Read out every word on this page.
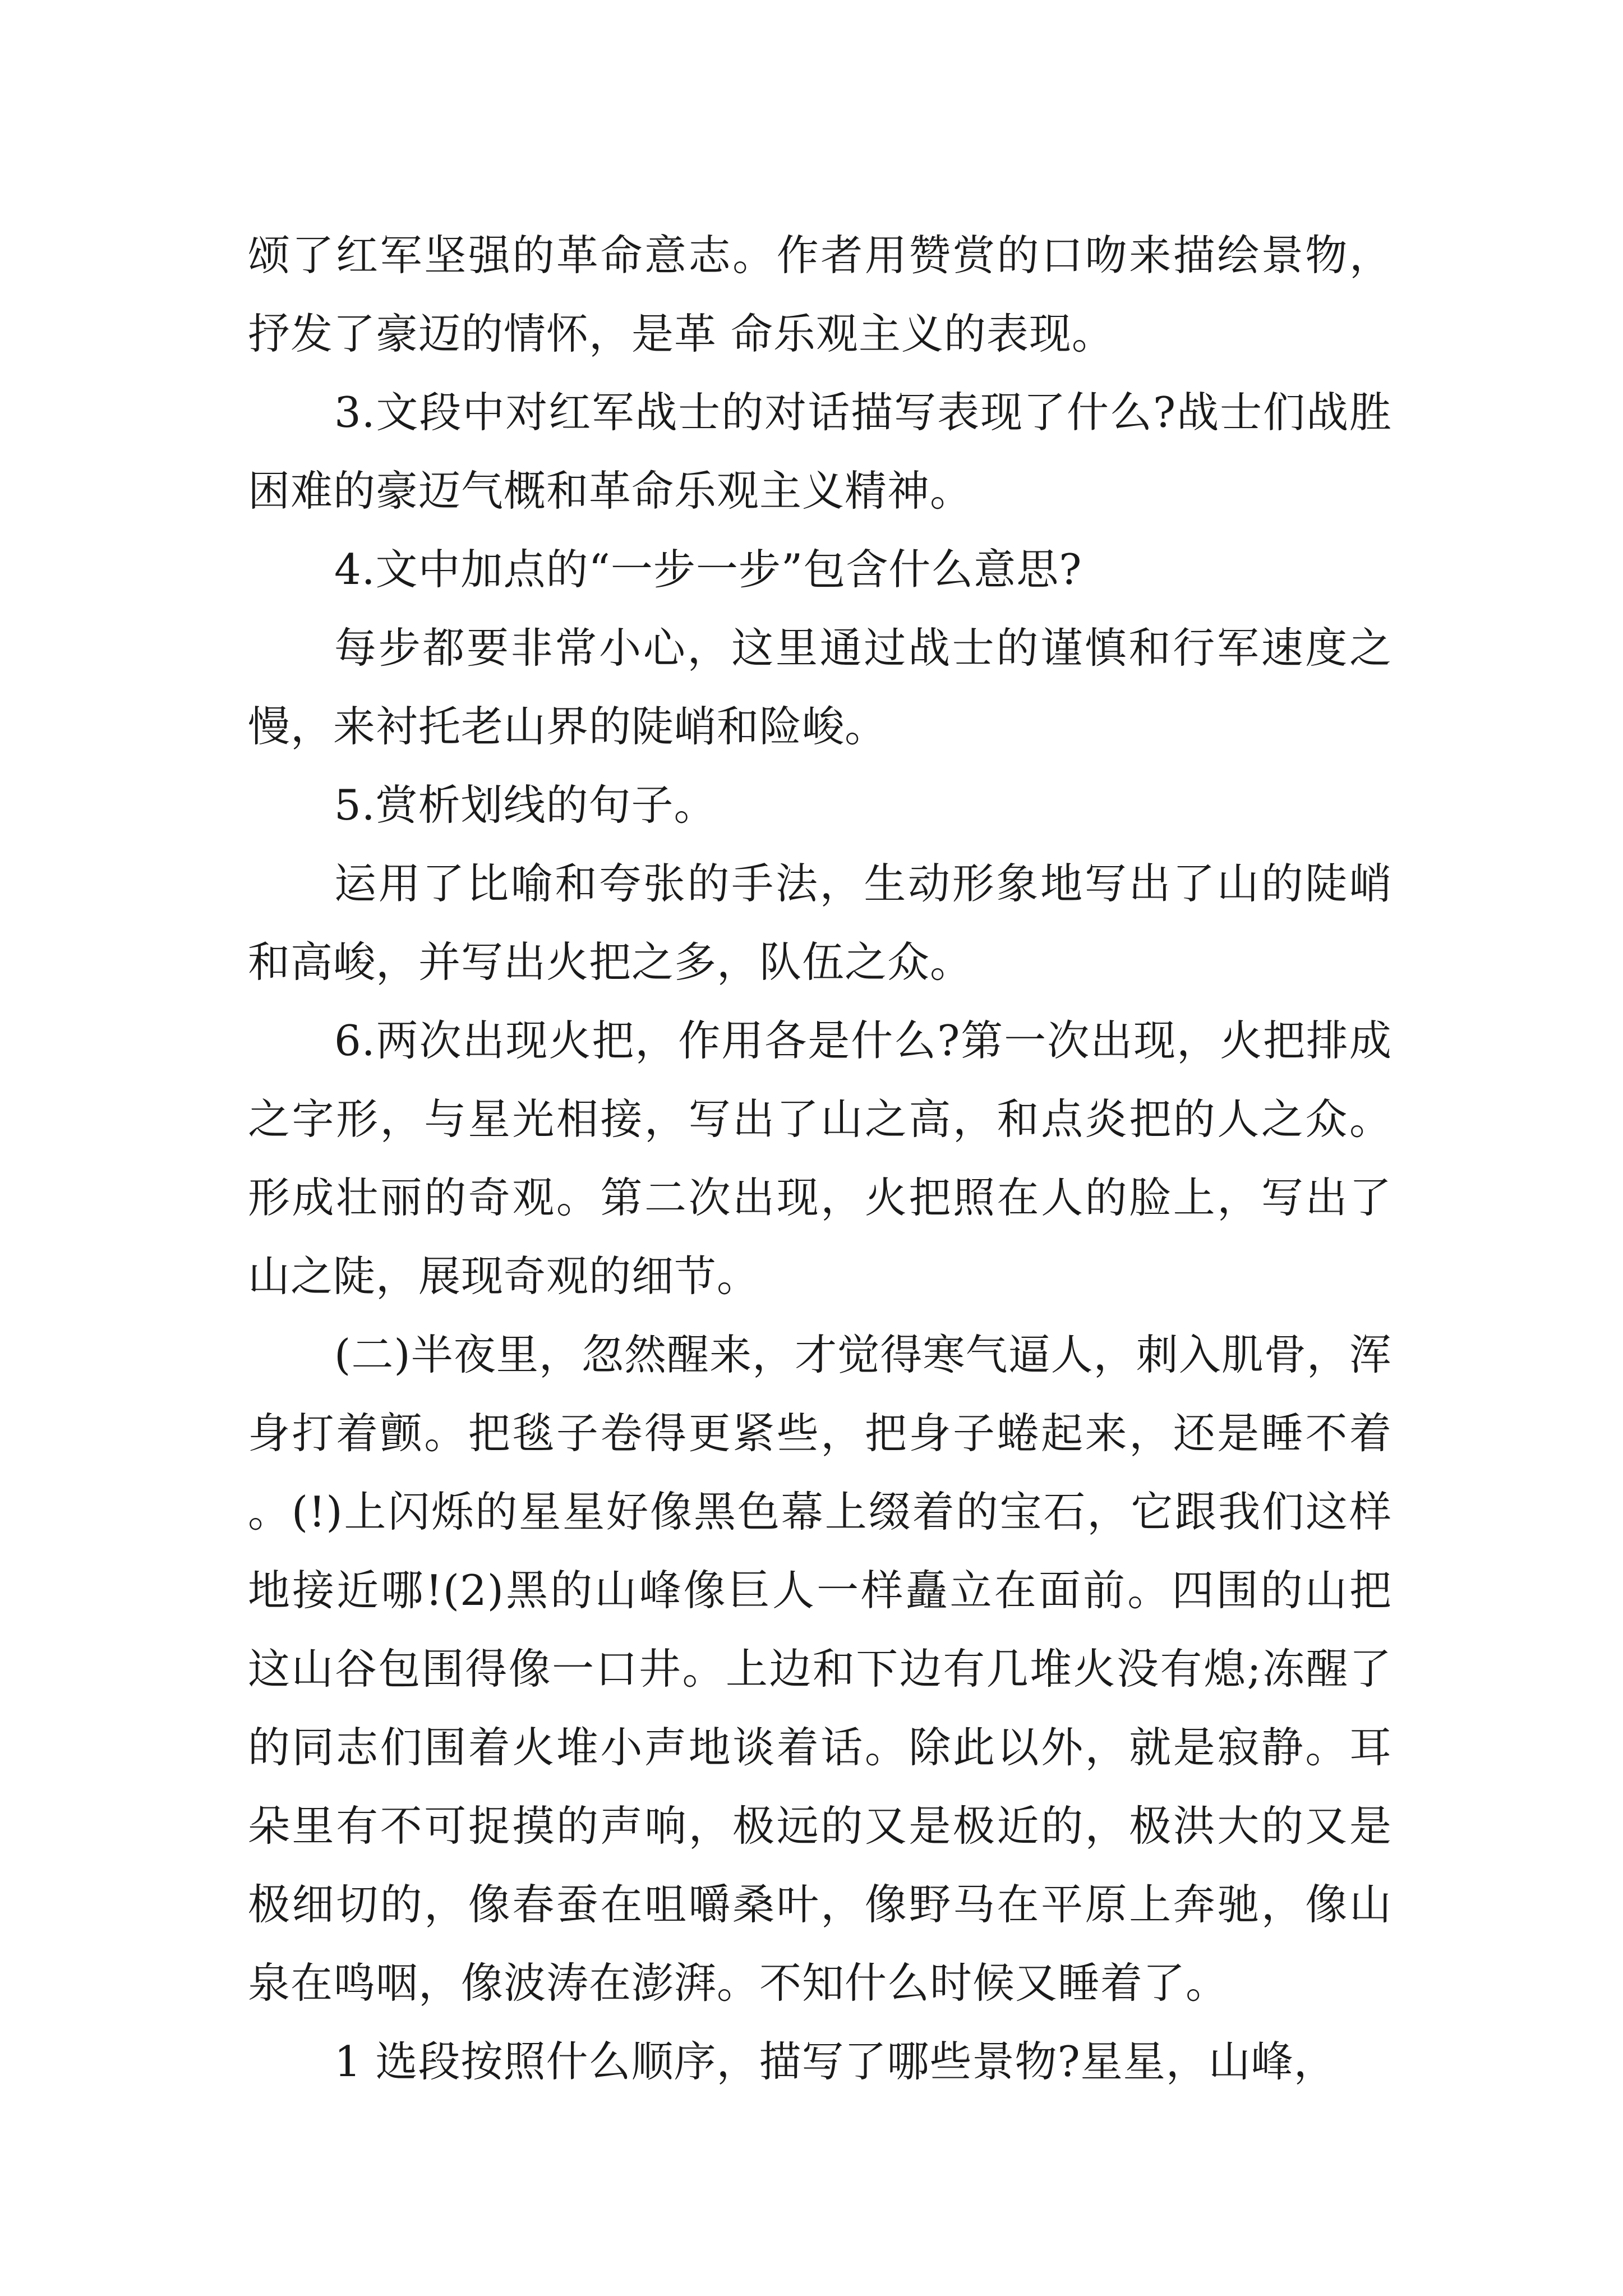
颂了红军坚强的革命意志。作者用赞赏的口吻来描绘景物，抒发了豪迈的情怀，是革 命乐观主义的表现。

3.文段中对红军战士的对话描写表现了什么?战士们战胜困难的豪迈气概和革命乐观主义精神。

4.文中加点的“一步一步”包含什么意思?

每步都要非常小心，这里通过战士的谨慎和行军速度之慢，来衬托老山界的陡峭和险峻。

5.赏析划线的句子。

运用了比喻和夸张的手法，生动形象地写出了山的陡峭和高峻，并写出火把之多，队伍之众。

6.两次出现火把，作用各是什么?第一次出现，火把排成之字形，与星光相接，写出了山之高，和点炎把的人之众。形成壮丽的奇观。第二次出现，火把照在人的脸上，写出了山之陡，展现奇观的细节。

(二)半夜里，忽然醒来，才觉得寒气逼人，刺入肌骨，浑身打着颤。把毯子卷得更紧些，把身子蜷起来，还是睡不着。(!)上闪烁的星星好像黑色幕上缀着的宝石，它跟我们这样地接近哪!(2)黑的山峰像巨人一样矗立在面前。四围的山把这山谷包围得像一口井。上边和下边有几堆火没有熄;冻醒了的同志们围着火堆小声地谈着话。除此以外，就是寂静。耳朵里有不可捉摸的声响，极远的又是极近的，极洪大的又是极细切的，像春蚕在咀嚼桑叶，像野马在平原上奔驰，像山泉在鸣咽，像波涛在澎湃。不知什么时候又睡着了。

1 选段按照什么顺序，描写了哪些景物?星星，山峰，
